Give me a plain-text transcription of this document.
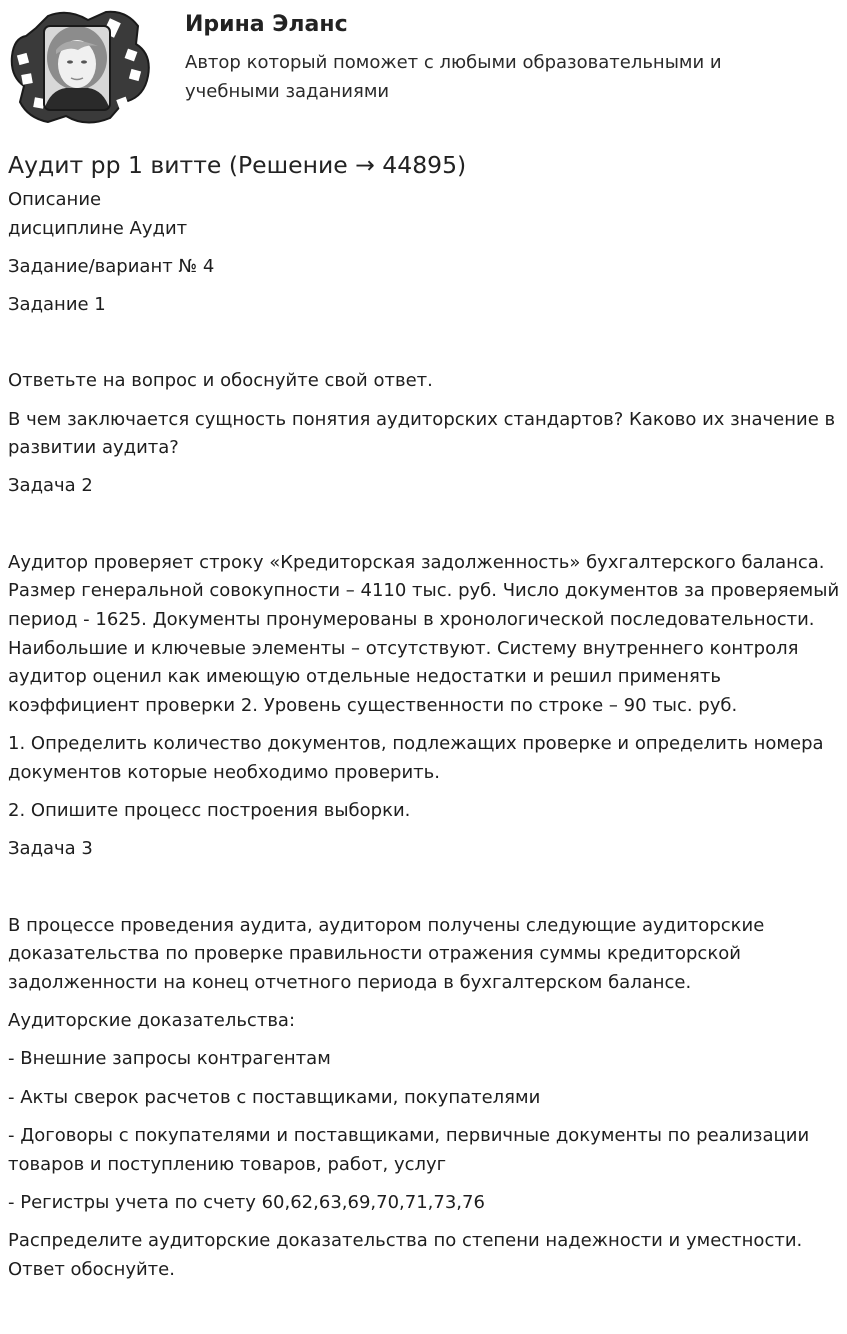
Ирина Эланс
Автор который поможет с любыми образовательными и учебными заданиями
Аудит рр 1 витте (Решение → 44895)
Описание
дисциплине Аудит
Задание/вариант № 4
Задание 1
Ответьте на вопрос и обоснуйте свой ответ.
В чем заключается сущность понятия аудиторских стандартов? Каково их значение в развитии аудита?
Задача 2
Аудитор проверяет строку «Кредиторская задолженность» бухгалтерского баланса. Размер генеральной совокупности – 4110 тыс. руб. Число документов за проверяемый период - 1625. Документы пронумерованы в хронологической последовательности. Наибольшие и ключевые элементы – отсутствуют. Систему внутреннего контроля аудитор оценил как имеющую отдельные недостатки и решил применять коэффициент проверки 2. Уровень существенности по строке – 90 тыс. руб.
1. Определить количество документов, подлежащих проверке и определить номера документов которые необходимо проверить.
2. Опишите процесс построения выборки.
Задача 3
В процессе проведения аудита, аудитором получены следующие аудиторские доказательства по проверке правильности отражения суммы кредиторской задолженности на конец отчетного периода в бухгалтерском балансе.
Аудиторские доказательства:
- Внешние запросы контрагентам
- Акты сверок расчетов с поставщиками, покупателями
- Договоры с покупателями и поставщиками, первичные документы по реализации товаров и поступлению товаров, работ, услуг
- Регистры учета по счету 60,62,63,69,70,71,73,76
Распределите аудиторские доказательства по степени надежности и уместности. Ответ обоснуйте.
